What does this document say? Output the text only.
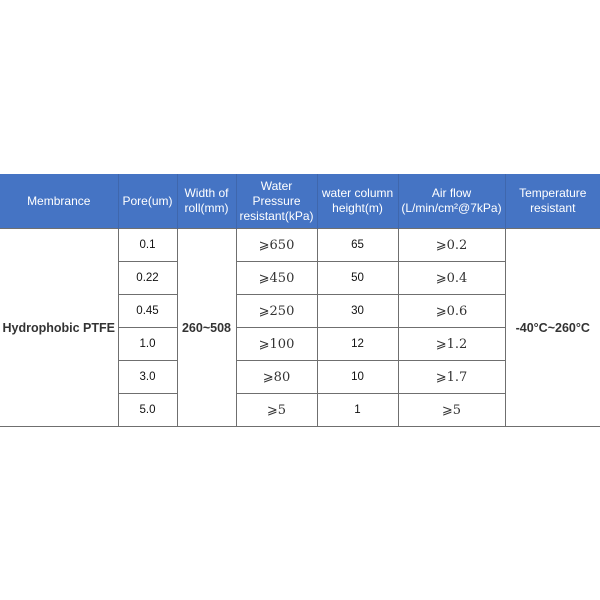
Membrance	Pore(um)	Width of roll(mm)	Water Pressure resistant(kPa)	water column height(m)	Air flow (L/min/cm²@7kPa)	Temperature resistant
Hydrophobic PTFE	0.1	260~508	⩾650	65	⩾0.2	-40°C~260°C
	0.22		⩾450	50	⩾0.4	
	0.45		⩾250	30	⩾0.6	
	1.0		⩾100	12	⩾1.2	
	3.0		⩾80	10	⩾1.7	
	5.0		⩾5	1	⩾5	
